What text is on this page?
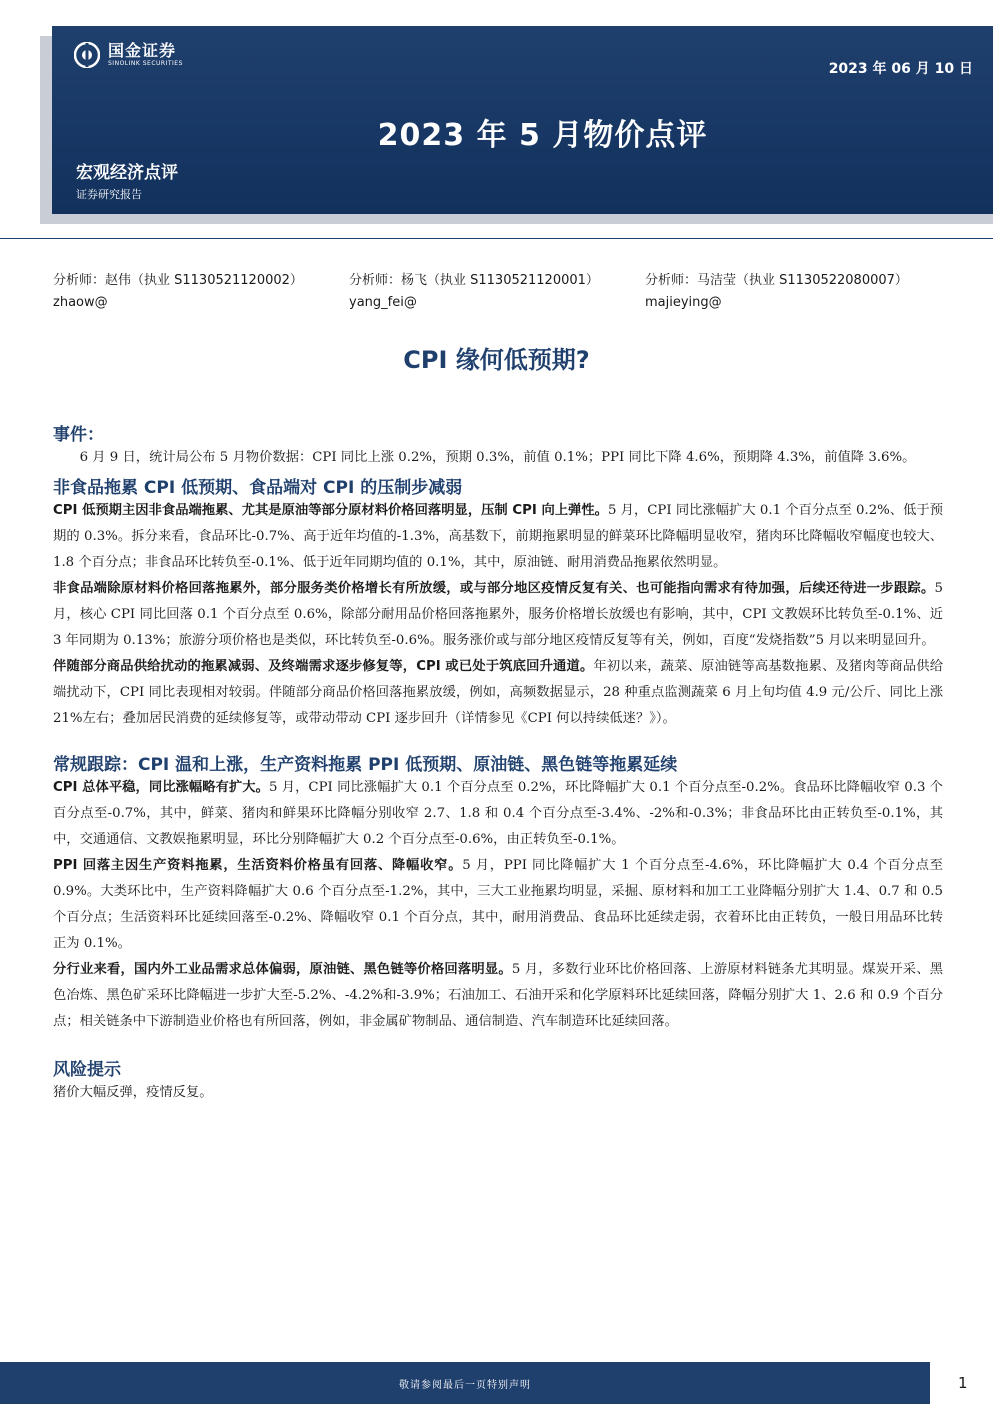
国金证券
SINOLINK SECURITIES	2023 年 06 月 10 日
2023 年 5 月物价点评
宏观经济点评
证券研究报告
分析师：赵伟（执业 S1130521120002）
zhaow@
分析师：杨飞（执业 S1130521120001）
yang_fei@
分析师：马洁莹（执业 S1130522080007）
majieying@
CPI 缘何低预期?
事件：

6 月 9 日，统计局公布 5 月物价数据：CPI 同比上涨 0.2%，预期 0.3%，前值 0.1%；PPI 同比下降 4.6%，预期降 4.3%，前值降 3.6%。

非食品拖累 CPI 低预期、食品端对 CPI 的压制步减弱

CPI 低预期主因非食品端拖累、尤其是原油等部分原材料价格回落明显，压制 CPI 向上弹性。5 月，CPI 同比涨幅扩大 0.1 个百分点至 0.2%、低于预期的 0.3%。拆分来看，食品环比-0.7%、高于近年均值的-1.3%，高基数下，前期拖累明显的鲜菜环比降幅明显收窄，猪肉环比降幅收窄幅度也较大、1.8 个百分点；非食品环比转负至-0.1%、低于近年同期均值的 0.1%，其中，原油链、耐用消费品拖累依然明显。

非食品端除原材料价格回落拖累外，部分服务类价格增长有所放缓，或与部分地区疫情反复有关、也可能指向需求有待加强，后续还待进一步跟踪。5 月，核心 CPI 同比回落 0.1 个百分点至 0.6%，除部分耐用品价格回落拖累外，服务价格增长放缓也有影响，其中，CPI 文教娱环比转负至-0.1%、近 3 年同期为 0.13%；旅游分项价格也是类似，环比转负至-0.6%。服务涨价或与部分地区疫情反复等有关，例如，百度“发烧指数”5 月以来明显回升。

伴随部分商品供给扰动的拖累减弱、及终端需求逐步修复等，CPI 或已处于筑底回升通道。年初以来，蔬菜、原油链等高基数拖累、及猪肉等商品供给端扰动下，CPI 同比表现相对较弱。伴随部分商品价格回落拖累放缓，例如，高频数据显示，28 种重点监测蔬菜 6 月上旬均值 4.9 元/公斤、同比上涨 21%左右；叠加居民消费的延续修复等，或带动带动 CPI 逐步回升（详情参见《CPI 何以持续低迷？》）。

常规跟踪：CPI 温和上涨，生产资料拖累 PPI 低预期、原油链、黑色链等拖累延续

CPI 总体平稳，同比涨幅略有扩大。5 月，CPI 同比涨幅扩大 0.1 个百分点至 0.2%，环比降幅扩大 0.1 个百分点至-0.2%。食品环比降幅收窄 0.3 个百分点至-0.7%，其中，鲜菜、猪肉和鲜果环比降幅分别收窄 2.7、1.8 和 0.4 个百分点至-3.4%、-2%和-0.3%；非食品环比由正转负至-0.1%，其中，交通通信、文教娱拖累明显，环比分别降幅扩大 0.2 个百分点至-0.6%，由正转负至-0.1%。

PPI 回落主因生产资料拖累，生活资料价格虽有回落、降幅收窄。5 月，PPI 同比降幅扩大 1 个百分点至-4.6%，环比降幅扩大 0.4 个百分点至 0.9%。大类环比中，生产资料降幅扩大 0.6 个百分点至-1.2%，其中，三大工业拖累均明显，采掘、原材料和加工工业降幅分别扩大 1.4、0.7 和 0.5 个百分点；生活资料环比延续回落至-0.2%、降幅收窄 0.1 个百分点，其中，耐用消费品、食品环比延续走弱，衣着环比由正转负，一般日用品环比转正为 0.1%。

分行业来看，国内外工业品需求总体偏弱，原油链、黑色链等价格回落明显。5 月，多数行业环比价格回落、上游原材料链条尤其明显。煤炭开采、黑色冶炼、黑色矿采环比降幅进一步扩大至-5.2%、-4.2%和-3.9%；石油加工、石油开采和化学原料环比延续回落，降幅分别扩大 1、2.6 和 0.9 个百分点；相关链条中下游制造业价格也有所回落，例如，非金属矿物制品、通信制造、汽车制造环比延续回落。

风险提示

猪价大幅反弹，疫情反复。

敬请参阅最后一页特别声明	1
